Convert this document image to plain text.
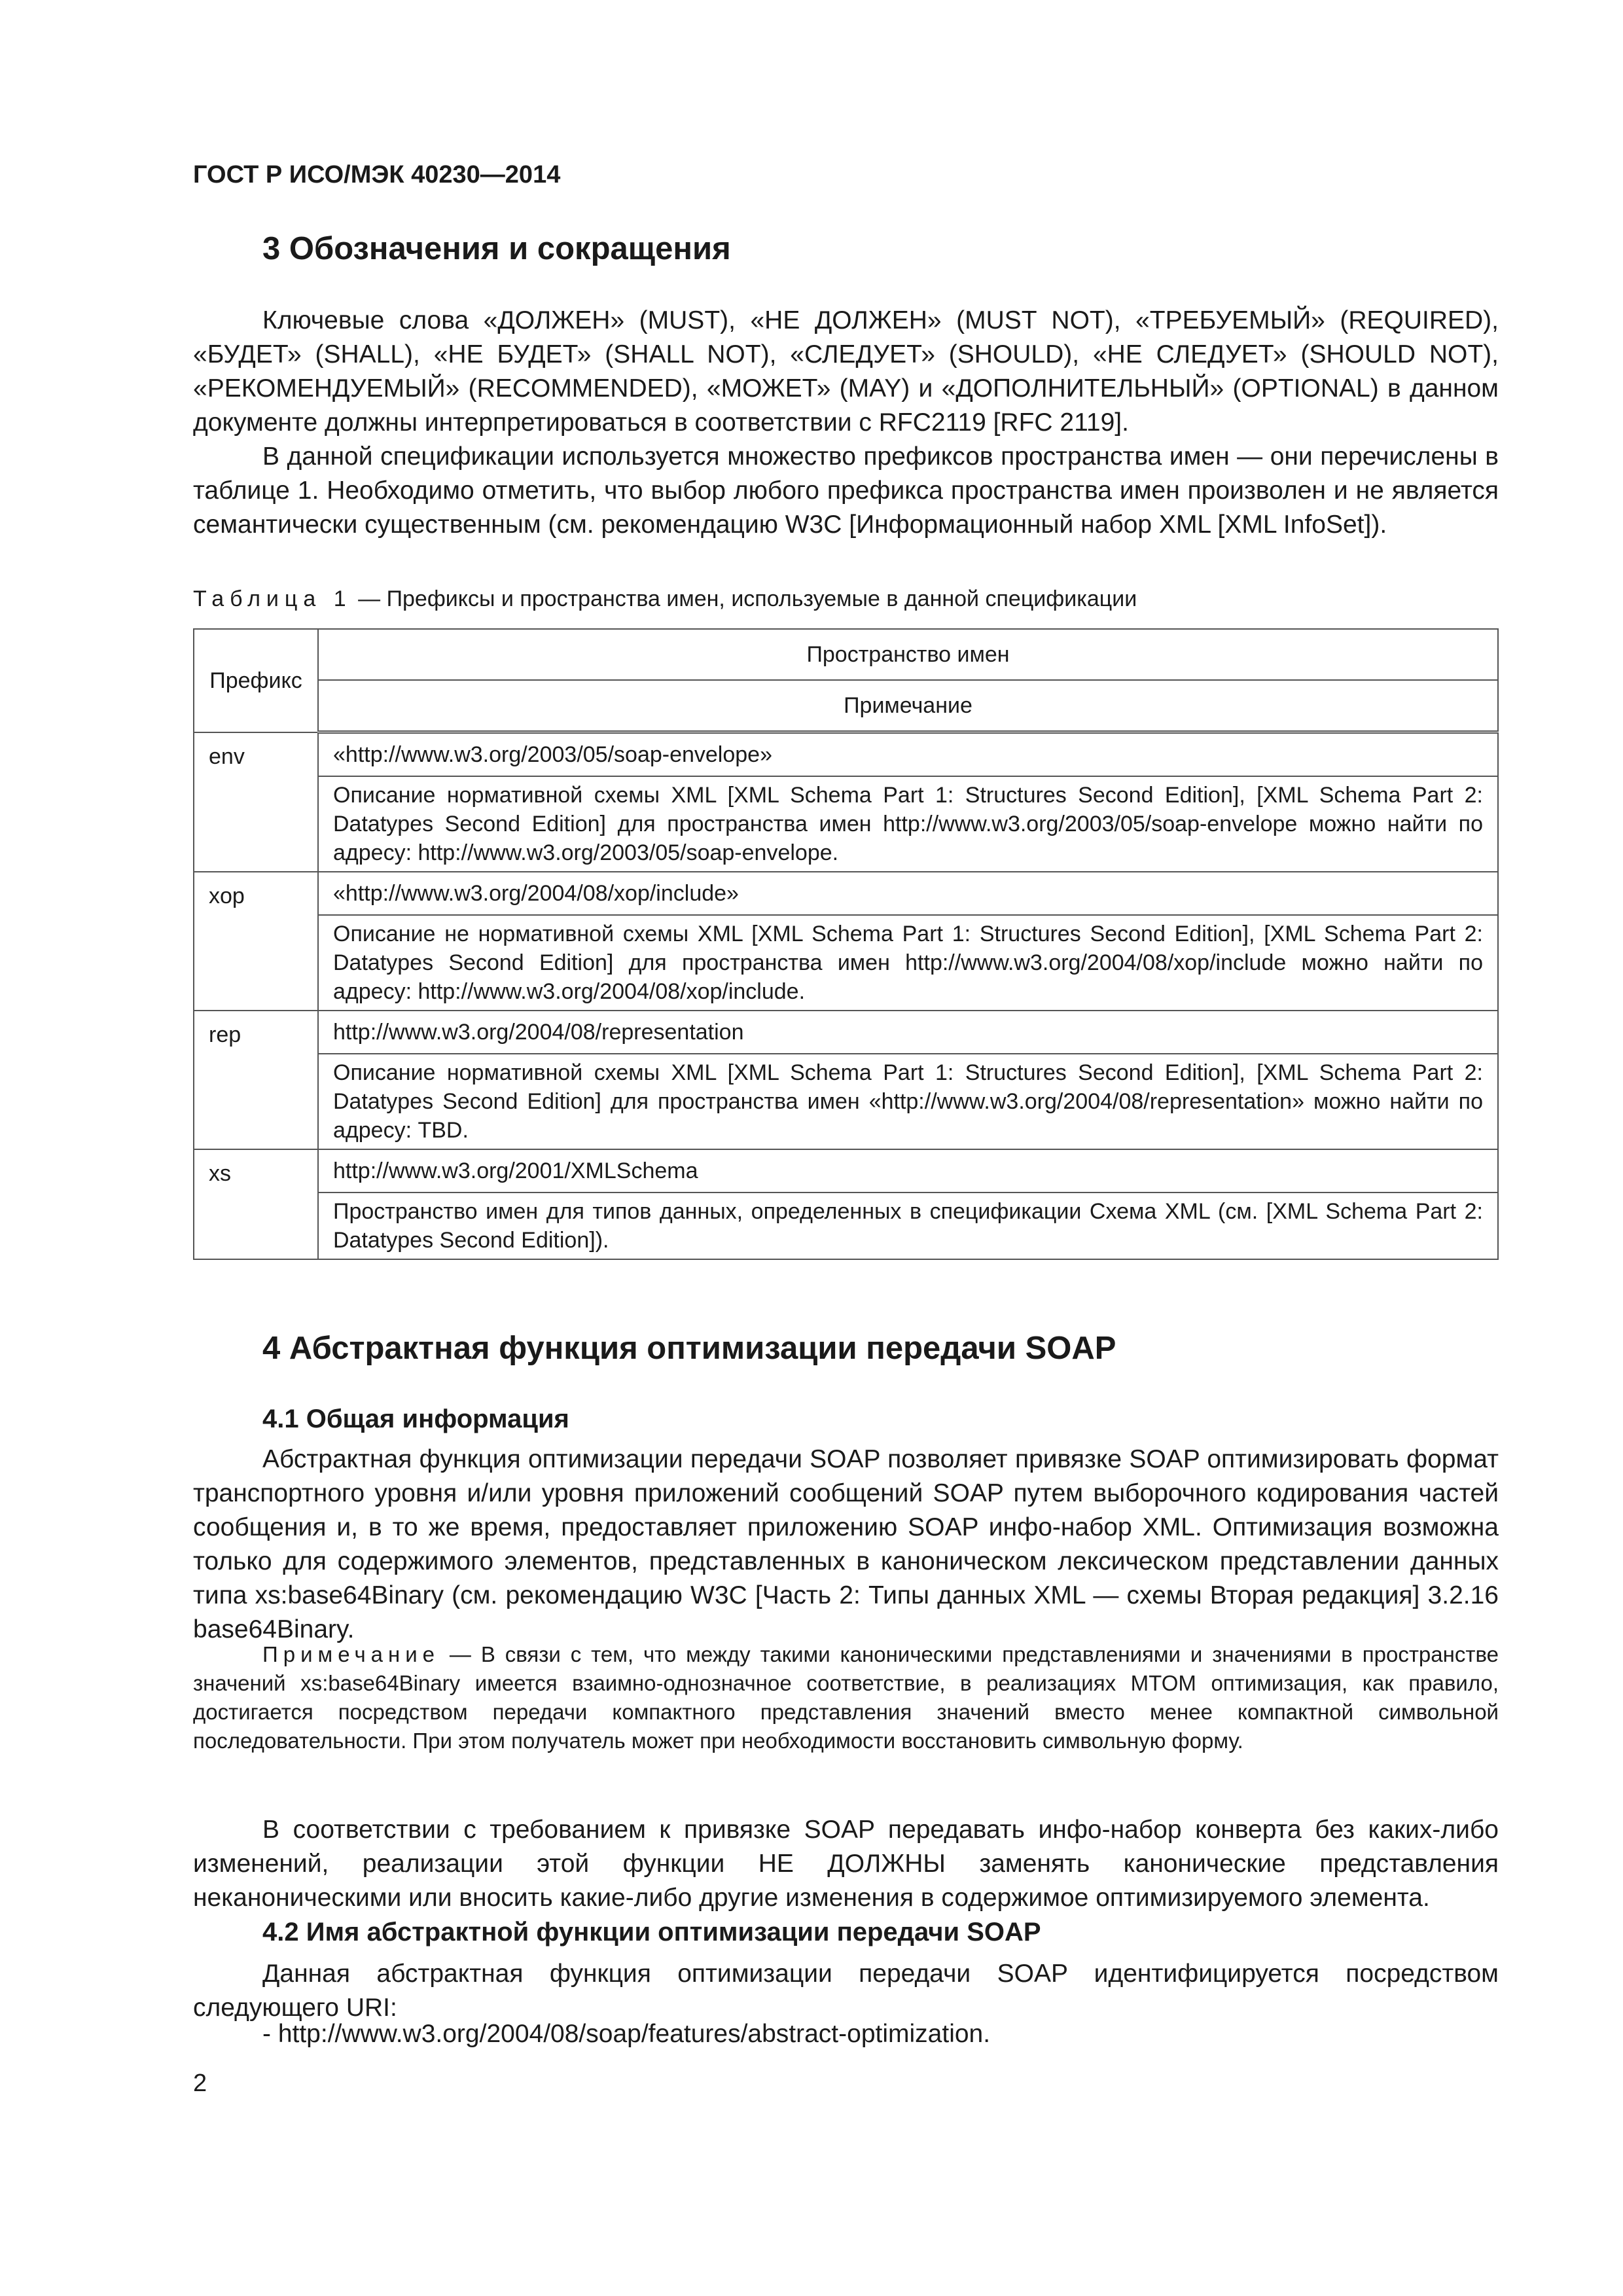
ГОСТ Р ИСО/МЭК 40230—2014
3 Обозначения и сокращения

Ключевые слова «ДОЛЖЕН» (MUST), «НЕ ДОЛЖЕН» (MUST NOT), «ТРЕБУЕМЫЙ» (REQUIRED), «БУДЕТ» (SHALL), «НЕ БУДЕТ» (SHALL NOT), «СЛЕДУЕТ» (SHOULD), «НЕ СЛЕДУЕТ» (SHOULD NOT), «РЕКОМЕНДУЕМЫЙ» (RECOMMENDED), «МОЖЕТ» (MAY) и «ДОПОЛНИТЕЛЬНЫЙ» (OPTIONAL) в данном документе должны интерпретироваться в соответствии с RFC2119 [RFC 2119].

В данной спецификации используется множество префиксов пространства имен — они перечислены в таблице 1. Необходимо отметить, что выбор любого префикса пространства имен произволен и не является семантически существенным (см. рекомендацию W3C [Информационный набор XML [XML InfoSet]).

Таблица 1 — Префиксы и пространства имен, используемые в данной спецификации
Префикс	Пространство имен
	Примечание
env	«http://www.w3.org/2003/05/soap-envelope»
	Описание нормативной схемы XML [XML Schema Part 1: Structures Second Edition], [XML Schema Part 2: Datatypes Second Edition] для пространства имен http://www.w3.org/2003/05/soap-envelope можно найти по адресу: http://www.w3.org/2003/05/soap-envelope.
xop	«http://www.w3.org/2004/08/xop/include»
	Описание не нормативной схемы XML [XML Schema Part 1: Structures Second Edition], [XML Schema Part 2: Datatypes Second Edition] для пространства имен http://www.w3.org/2004/08/xop/include можно найти по адресу: http://www.w3.org/2004/08/xop/include.
rep	http://www.w3.org/2004/08/representation
	Описание нормативной схемы XML [XML Schema Part 1: Structures Second Edition], [XML Schema Part 2: Datatypes Second Edition] для пространства имен «http://www.w3.org/2004/08/representation» можно найти по адресу: TBD.
xs	http://www.w3.org/2001/XMLSchema
	Пространство имен для типов данных, определенных в спецификации Схема XML (см. [XML Schema Part 2: Datatypes Second Edition]).
4 Абстрактная функция оптимизации передачи SOAP
4.1 Общая информация

Абстрактная функция оптимизации передачи SOAP позволяет привязке SOAP оптимизировать формат транспортного уровня и/или уровня приложений сообщений SOAP путем выборочного кодирования частей сообщения и, в то же время, предоставляет приложению SOAP инфо-набор XML. Оптимизация возможна только для содержимого элементов, представленных в каноническом лексическом представлении данных типа xs:base64Binary (см. рекомендацию W3C [Часть 2: Типы данных XML — схемы Вторая редакция] 3.2.16 base64Binary.

Примечание — В связи с тем, что между такими каноническими представлениями и значениями в пространстве значений xs:base64Binary имеется взаимно-однозначное соответствие, в реализациях MTOM оптимизация, как правило, достигается посредством передачи компактного представления значений вместо менее компактной символьной последовательности. При этом получатель может при необходимости восстановить символьную форму.

В соответствии с требованием к привязке SOAP передавать инфо-набор конверта без каких-либо изменений, реализации этой функции НЕ ДОЛЖНЫ заменять канонические представления неканоническими или вносить какие-либо другие изменения в содержимое оптимизируемого элемента.

4.2 Имя абстрактной функции оптимизации передачи SOAP

Данная абстрактная функция оптимизации передачи SOAP идентифицируется посредством следующего URI:

- http://www.w3.org/2004/08/soap/features/abstract-optimization.
2
